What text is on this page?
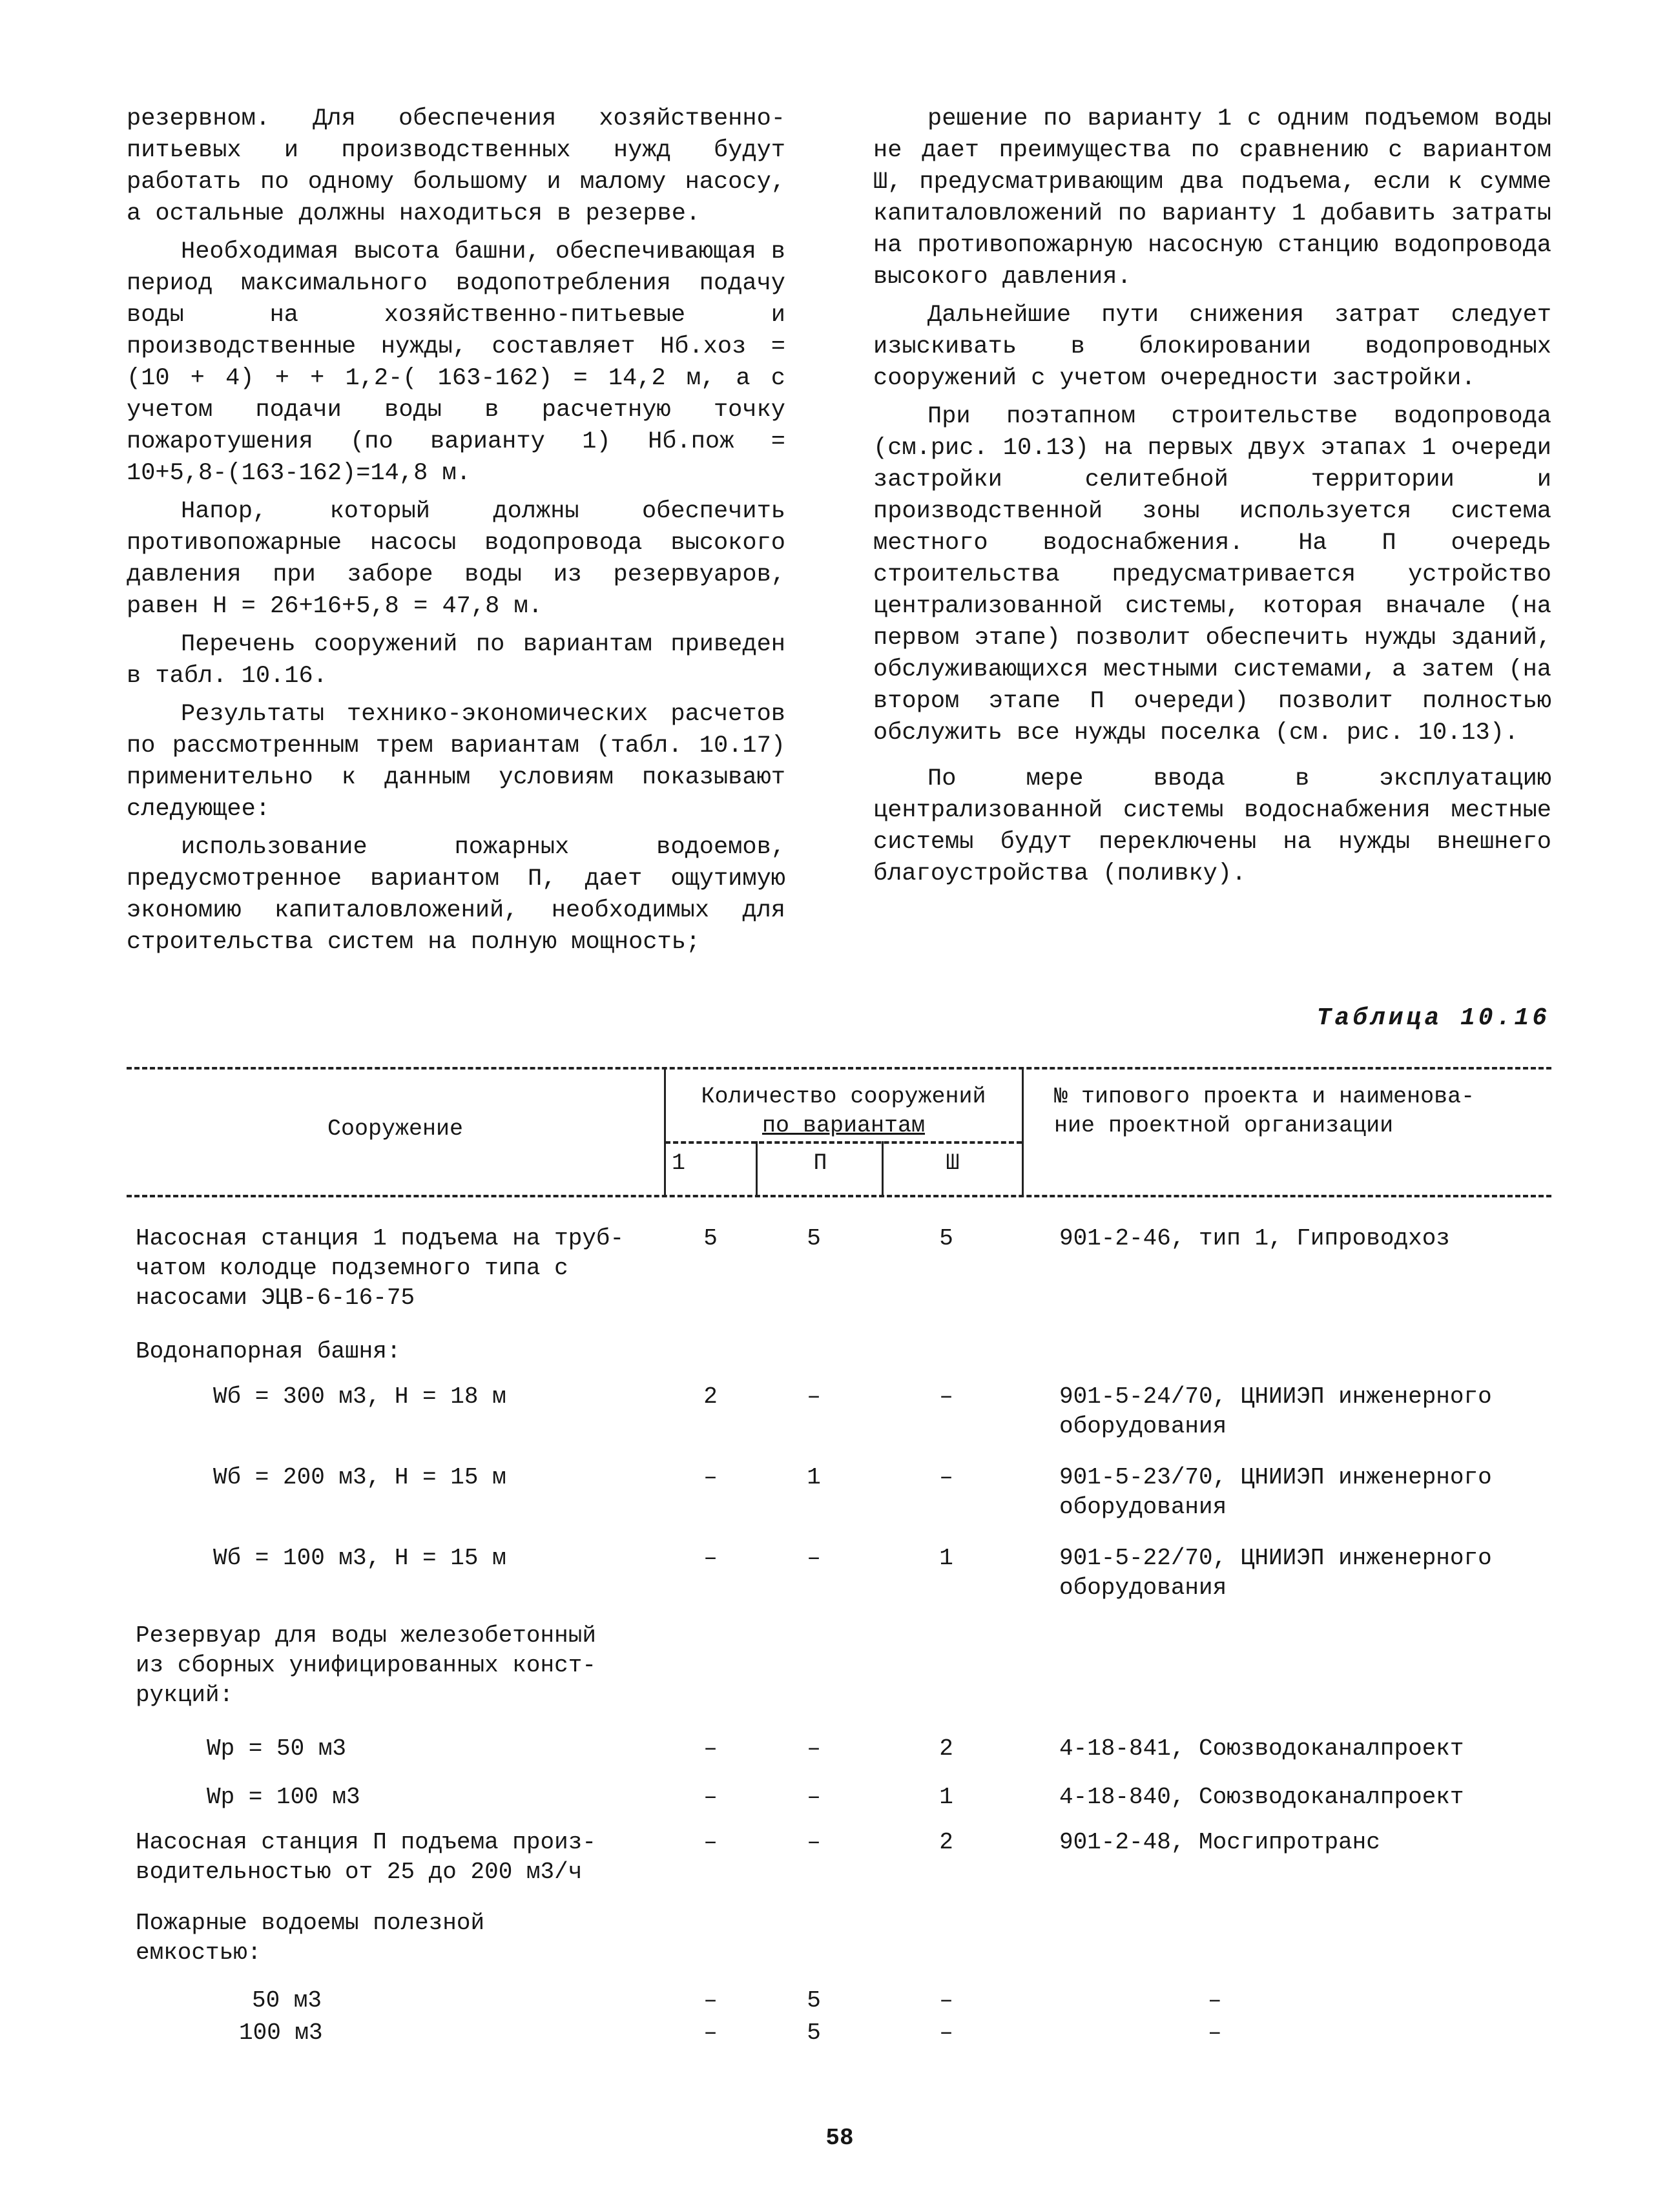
резервном. Для обеспечения хозяйственно-питьевых и производственных нужд будут работать по одному большому и малому насосу, а остальные должны находиться в резерве.

Необходимая высота башни, обеспечивающая в период максимального водопотребления подачу воды на хозяйственно-питьевые и производственные нужды, составляет Нб.хоз =(10 + 4) + + 1,2-( 163-162) = 14,2 м, а с учетом подачи воды в расчетную точку пожаротушения (по варианту 1) Нб.пож = 10+5,8-(163-162)=14,8 м.

Напор, который должны обеспечить противопожарные насосы водопровода высокого давления при заборе воды из резервуаров, равен Н = 26+16+5,8 = 47,8 м.

Перечень сооружений по вариантам приведен в табл. 10.16.

Результаты технико-экономических расчетов по рассмотренным трем вариантам (табл. 10.17) применительно к данным условиям показывают следующее:

использование пожарных водоемов, предусмотренное вариантом П, дает ощутимую экономию капиталовложений, необходимых для строительства систем на полную мощность;

решение по варианту 1 с одним подъемом воды не дает преимущества по сравнению с вариантом Ш, предусматривающим два подъема, если к сумме капиталовложений по варианту 1 добавить затраты на противопожарную насосную станцию водопровода высокого давления.

Дальнейшие пути снижения затрат следует изыскивать в блокировании водопроводных сооружений с учетом очередности застройки.

При поэтапном строительстве водопровода (см.рис. 10.13) на первых двух этапах 1 очереди застройки селитебной территории и производственной зоны используется система местного водоснабжения. На П очередь строительства предусматривается устройство централизованной системы, которая вначале (на первом этапе) позволит обеспечить нужды зданий, обслуживающихся местными системами, а затем (на втором этапе П очереди) позволит полностью обслужить все нужды поселка (см. рис. 10.13).

По мере ввода в эксплуатацию централизованной системы водоснабжения местные системы будут переключены на нужды внешнего благоустройства (поливку).

Таблица 10.16
Сооружение
Количество сооружений
по вариантам
1	П	Ш
№ типового проекта и наименова-
ние проектной организации
Насосная станция 1 подъема на труб-
чатом колодце подземного типа с
насосами ЭЦВ-6-16-75
5	5	5	901-2-46, тип 1, Гипроводхоз
Водонапорная башня:
Wб = 300 м3, Н = 18 м	2	–	–	901-5-24/70, ЦНИИЭП инженерного
оборудования
Wб = 200 м3, Н = 15 м	–	1	–	901-5-23/70, ЦНИИЭП инженерного
оборудования
Wб = 100 м3, Н = 15 м	–	–	1	901-5-22/70, ЦНИИЭП инженерного
оборудования
Резервуар для воды железобетонный
из сборных унифицированных конст-
рукций:
Wр = 50 м3	–	–	2	4-18-841, Союзводоканалпроект
Wр = 100 м3	–	–	1	4-18-840, Союзводоканалпроект
Насосная станция П подъема произ-
водительностью от 25 до 200 м3/ч
–	–	2	901-2-48, Мосгипротранс
Пожарные водоемы полезной
емкостью:
50 м3	–	5	–	–
100 м3	–	5	–	–
58
